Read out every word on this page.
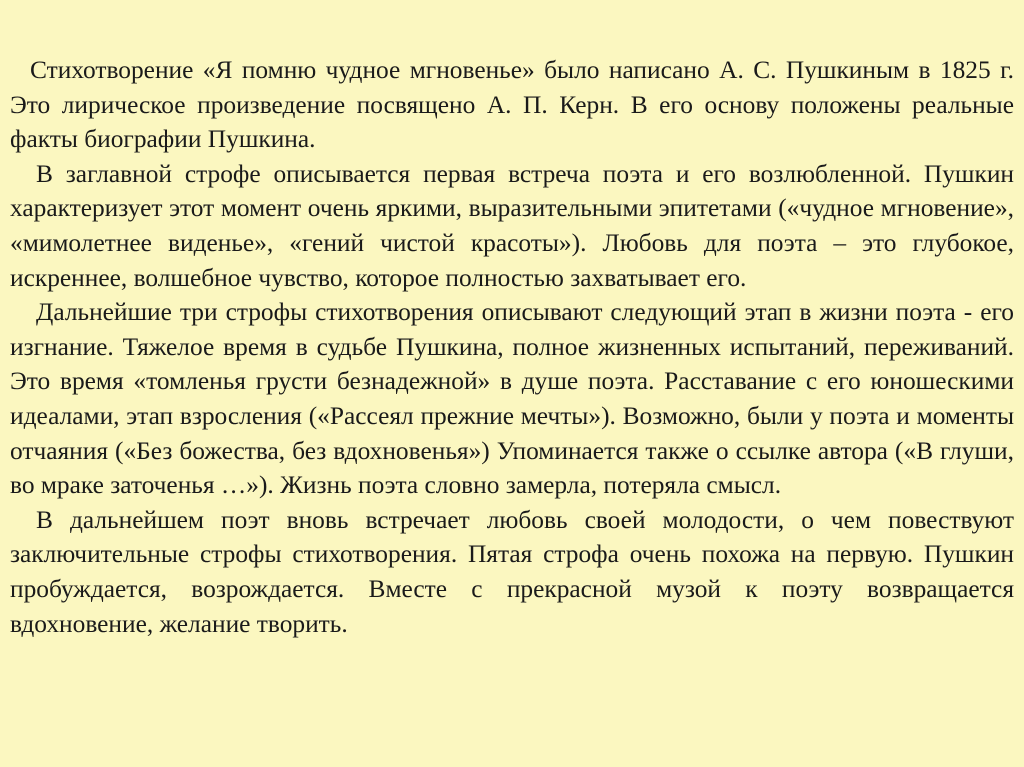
Стихотворение «Я помню чудное мгновенье» было написано А. С. Пушкиным в 1825 г. Это лирическое произведение посвящено А. П. Керн. В его основу положены реальные факты биографии Пушкина.

В заглавной строфе описывается первая встреча поэта и его возлюбленной. Пушкин характеризует этот момент очень яркими, выразительными эпитетами («чудное мгновение», «мимолетнее виденье», «гений чистой красоты»). Любовь для поэта – это глубокое, искреннее, волшебное чувство, которое полностью захватывает его.

Дальнейшие три строфы стихотворения описывают следующий этап в жизни поэта - его изгнание. Тяжелое время в судьбе Пушкина, полное жизненных испытаний, переживаний. Это время «томленья грусти безнадежной» в душе поэта. Расставание с его юношескими идеалами, этап взросления («Рассеял прежние мечты»). Возможно, были у поэта и моменты отчаяния («Без божества, без вдохновенья») Упоминается также о ссылке автора («В глуши, во мраке заточенья …»). Жизнь поэта словно замерла, потеряла смысл.

В дальнейшем поэт вновь встречает любовь своей молодости, о чем повествуют заключительные строфы стихотворения. Пятая строфа очень похожа на первую. Пушкин пробуждается, возрождается. Вместе с прекрасной музой к поэту возвращается вдохновение, желание творить.
